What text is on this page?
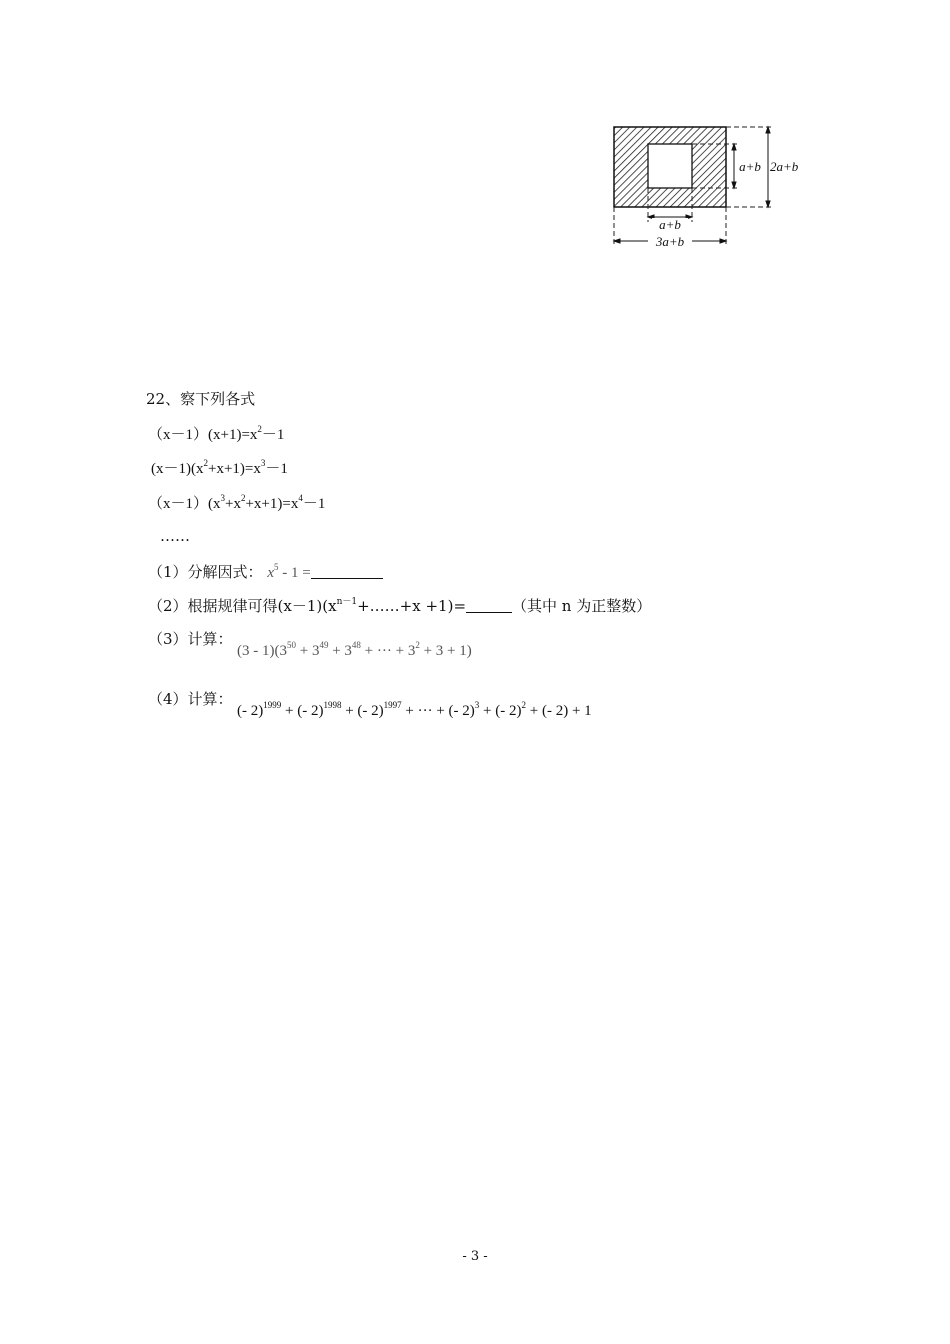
a+b
3a+b
a+b 2a+b
22、察下列各式
$(x-1)(x+1)=x^2-1$
$(x-1)(x^2+x+1)=x^3-1$
$(x-1)(x^3+x^2+x+1)=x^4-1$
……
（1）分解因式： $x^5 - 1$ =
（2）根据规律可得$(x-1)(x^{n-1}+\dots\dots+x +1)=$	（其中 n 为正整数）
（3）计算：
$(3 - 1)(3^{50} + 3^{49} + 3^{48}$ + ··· + $3^2 + 3 + 1$)
（4）计算：
(- 2)$^{1999}$ + (- 2)$^{1998}$ + (- 2)$^{1997}$ + ··· + (- 2)$^3$ + (- 2)$^2$ + (- 2) + 1
- 3 -
